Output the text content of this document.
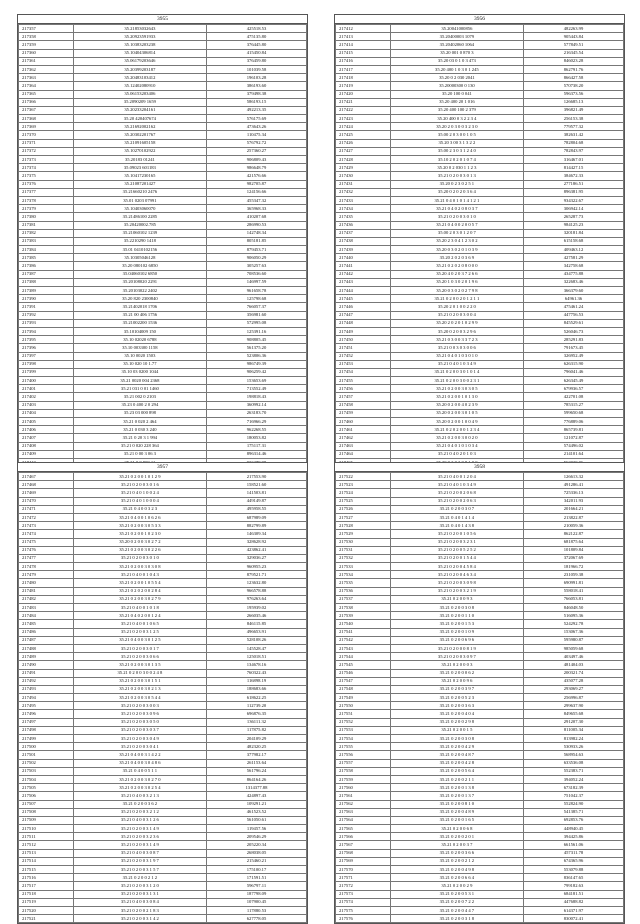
3955
217357	35.21853032643	425518.53
217358	35.20923591933	475135.80
217359	35.10383203238	376445.80
217360	35.10404306814	415450.84
217361	35.06179203646	376459.80
217362	35.20399203187	101039.58
217363	35.20483103412	196103.28
217364	35.12402080910	386193.60
217365	35.06153203406	379498.38
217366	35.2090209 1659	586193.15
217367	35.20233204161	492213.35
217368	35.20 420407674	576175.69
217369	35.21692002162	473643.26
217370	35.20302201767	110475.34
217371	35.21091605158	576792.72
217372	35.10270102922	257360.27
217373	35.20183 01241	906809.43
217374	35.09023 601183	986648.79
217375	35.10417230165	421576.66
217376	35.21087201427	982705.87
217377	35.21660210 2476	124156.66
217378	35.01 0203 07991	455347.32
217379	35.10403060070	365968.33
217380	35.21486100 2285	410207.68
217381	35.20420002.785	286990.53
217382	35.21060102 1239	142748.34
217383	35.2210290 1418	805181.85
217384	35.01 0410102156	879453.71
217385	35.10305046128	906050.29
217386	35.20 080102 6850	305257.63
217387	35.04060102 6850	708536.60
217388	35.20108020 2291	146997.59
217389	35.20103022 2402	961658.78
217390	35.20 820 2300840	125798.68
217391	35.21402018 1706	766057.37
217392	35.21 00 406 1756	356981.60
217393	35.21002200 1536	572995.08
217394	35.10104009 150	125391.16
217395	35.10 02020 6788	908805.45
217396	35.10 003300 1158	561375.20
217397	35.10 0020 1503	523806.36
217398	35.10 020 10 1.77	986749.39
217399	35.10 03 0200 1044	906259.42
217400	35.21 0020 004 2368	153653.69
217401	35.21 031 0 01 1460	713552.49
217402	35.21 002 0 2103	198818.43
217403	35.23 0 400 2 0 294	360992.14
217404	35.23 03 000 898	263183.70
217405	35.21 0 020 2 464	716966.29
217406	35.21 0 030 3 240	962268.55
217407	35.21 0 20 3 1 994	180053.82
217408	35.21 0 020 228 364	175117.31
217409	35.21 0 00 3 06 3	896314.46

3956
217412	35.20041000856	482263.99
217413	35.20400003 1079	905443.84
217414	35.20402060 1064	577849.51
217415	35.20 001 0 870 3	216345.54
217416	35.20 03 0 1 0 3 473	846023.28
217417	35.20 400 1 0 3 0 1 245	862791.76
217418	35.20 0 2 030 2041	866427.58
217419	35.20000300 0 130	570738.20
217420	35.20 100 0 041	596373.56
217421	35.20 400 20 1 016	126685.13
217422	35.20 400 100 2 379	396821.49
217423	35.20 400 0 3 2 2 3 4	256153.38
217424	35.20 2 0 3 0 0 3 2 3 0	779577.32
217425	35.00 2 0 3 0 0 1 0 5	382631.42
217426	35.20 3 00 3 1 3 2 2	782804.68
217427	35.00 2 3 0 3 1 2 4 0	782843.97
217428	35.10 2 0 2 0 1 0 7 4	316467.01
217429	35.20 0 2 030 1 1 2 3	814427.15
217430	35.21 0 2 0 0 3 0 1 3	384672.33
217431	35.20 0 2 3 0 2 5 1	277186.51
217432	35.20 0 2 0 2 0 3 6 4	896381.95
217433	35.21 0 4 0 1 0 1 4 1 2 1	934322.67
217434	35.21 0 4 0 2 0 8 0 3 7	306942.14
217435	35.21 0 2 0 0 3 0 1 0	265287.73
217436	35.21 0 4 0 0 2 0 0 5 7	984125.23
217437	35.00 2 0 3 0 1 2 0 7	320181.84
217438	35.20 2 3 0 4 1 2 3 0 2	615158.68
217439	35.20 0 3 0 2 0 1 0 3 9	409463.12
217440	35.20 2 0 2 0 3 6 9	427581.29
217441	35.21 0 2 0 2 0 8 0 0 0	342758.68
217442	35.20 4 0 2 0 3 7 2 6 6	434775.88
217443	35.20 1 0 3 0 2 0 1 9 6	322683.46
217444	35.20 0 3 0 2 0 2 7 9 8	366379.60
217445	35.21 0 2 0 0 2 0 1 2 1 1	64961.36
217446	35.20 2 0 1 0 0 2 2 0	475461.24
217447	35.21 0 2 0 0 3 0 0 4	447756.53
217448	35.20 2 0 2 0 1 0 2 9 9	845529.61
217449	35.20 0 2 0 0 3 2 9 6	526046.73
217450	35.21 0 3 0 0 3 3 7 2 3	285291.83
217451	35.21 0 0 3 0 3 0 0 6	791673.45
217452	35.21 0 4 0 1 0 3 0 1 0	326952.49
217453	35.21 0 4 0 1 0 3 4 9	626315.90
217454	35.21 0 2 0 0 3 0 1 0 1 4	796041.46
217455	35.21 0 2 0 0 3 0 0 2 3 1	626345.49
217456	35.21 0 2 0 0 3 0 3 0 5	679936.57
217457	35.21 0 2 0 0 1 0 1 3 0	422701.08
217458	35.20 0 2 0 0 4 0 2 3 9	785315.27
217459	35.20 0 2 0 0 3 0 1 0 5	599650.68
217460	35.20 0 2 0 0 1 0 0 4 9	776889.06
217461	35.21 0 2 0 2 0 0 1 2 3 4	865739.81
217462	35.21 0 2 0 0 3 0 0 2 0	121072.87
217463	35.21 0 4 0 1 0 1 0 3 4	574496.02
217464	35.21 0 4 0 2 0 1 0 3	214101.64

3957
217467	35.21 0 2 0 0 1 0 1 2 9	217553.90
217468	35.21 0 2 0 0 3 0 1 6	158521.60
217469	35.21 0 4 0 1 0 0 2 4	141503.81
217470	35.21 0 4 0 1 0 0 0 4	449149.87
217471	35.21 0 4 0 0 3 2 3	495958.55
217472	35.21 0 4 0 0 1 0 6 2 6	687989.09
217473	35.21 0 2 0 0 3 0 5 3 3	882799.89
217474	35.21 0 2 0 0 1 0 2 3 0	146309.34
217475	35.20 0 2 0 0 3 0 2 7 2	328628.92
217476	35.21 0 2 0 0 3 0 2 2 6	423862.41
217477	35.21 0 2 0 0 3 0 1 0	329036.27
217478	35.21 0 2 0 0 3 0 3 0 8	960955.23
217479	35.21 0 4 0 0 1 0 4 3	879521.71
217480	35.21 0 2 0 0 1 0 5 5 4	123632.80
217481	35.21 0 2 0 2 0 0 2 8 4	966578.88
217482	35.21 0 2 0 0 3 0 2 7 9	976263.64
217483	35.21 0 4 0 0 1 0 1 8	195939.02
217484	35.21 0 4 0 2 0 0 1 2 4	266035.46
217485	35.21 0 4 0 0 1 0 6 5	846115.85
217486	35.21 0 2 0 0 3 1 2 5	496653.91
217487	35.21 0 4 0 0 3 0 1 2 5	528108.26
217488	35.21 0 2 0 0 3 0 1 7	145528.47
217489	35.21 0 2 0 0 3 0 6 6	125018.51
217490	35.21 0 2 0 0 3 0 1 3 5	134678.16
217491	35.21 0 2 0 0 3 0 0 2 4 8	760322.43
217492	35.21 0 2 0 0 3 0 1 5 1	116898.19
217493	35.21 0 2 0 0 3 0 2 1 3	188683.66
217494	35.21 0 2 0 0 3 0 5 4 4	618622.25
217495	35.21 0 2 0 0 3 0 0 3	112739.20
217496	35.21 0 2 0 0 3 0 9 6	696876.35
217497	35.21 0 2 0 0 3 0 5 0	136111.32
217498	35.21 0 2 0 0 3 0 3 7	117875.82
217499	35.21 0 2 0 0 3 0 4 9	204109.29
217500	35.21 0 2 0 0 3 0 4 1	482320.25
217501	35.21 0 4 0 0 3 1 4 2 2	377982.17
217502	35.21 0 4 0 0 3 0 4 8 6	261153.64
217503	35.21 0 4 0 0 5 1 1	561796.24
217504	35.21 0 2 0 0 3 0 2 7 0	864164.26
217505	35.21 0 2 0 0 3 0 2 5 4	1314377.88
217506	35.21 0 4 0 0 3 2 1 3	424897.43
217507	35.21 0 2 0 0 3 6 2	109291.21
217508	35.21 0 2 0 0 3 2 1 2	461523.52
217509	35.21 0 4 0 0 3 1 2 6	561050.61
217510	35.21 0 2 0 0 3 1 4 9	119457.56
217511	35.21 0 2 0 0 3 2 3 6	209546.29
217512	35.21 0 2 0 0 3 1 4 9	205220.34
217513	35.21 0 4 0 0 3 0 8 7	268038.05
217514	35.21 0 2 0 0 3 1 9 7	215460.21
217515	35.21 0 2 0 0 3 1 5 7	175100.17
217516	35.21 0 2 0 0 2 1 2	171591.51
217517	35.21 0 2 0 0 3 1 2 0	596797.11
217518	35.21 0 2 0 0 3 1 3 1	187798.09
217519	35.21 0 4 0 0 3 0 8 4	107900.45
217520	35.21 0 2 0 0 2 1 8 3	117880.53
217521	35.21 0 2 0 0 3 1 4 2	627778.05
3958
217522	35.21 0 4 0 0 1 2 0 4	126613.32
217523	35.21 0 4 0 1 0 3 4 9	491286.41
217524	35.21 0 2 0 0 2 0 6 8	725336.13
217525	35.21 0 2 0 0 2 0 6 3	342011.93
217526	35.21 0 2 0 0 3 0 7	201664.21
217527	35.21 0 4 0 1 4 1 4	213822.87
217528	35.21 0 4 0 1 4 3 8	210059.36
217529	35.21 0 2 0 0 1 0 5 6	862122.87
217530	35.21 0 2 0 0 3 2 3 1	681875.64
217531	35.21 0 2 0 0 5 2 5 2	101809.84
217532	35.21 0 2 0 0 1 5 4 4	372067.69
217533	35.21 0 2 0 0 4 5 8 4	181966.72
217534	35.21 0 2 0 0 4 6 3 4	231059.38
217535	35.21 0 2 0 0 3 0 9 8	690991.81
217536	35.21 0 2 0 0 3 2 1 9	558018.41
217537	35.21 0 2 0 0 9 3	766053.81
217538	35.21 0 2 0 0 3 0 8	846048.50
217539	35.21 0 2 0 0 1 1 0	516095.36
217540	35.21 0 2 0 0 1 5 3	524292.78
217541	35.21 0 2 0 0 1 0 9	153067.36
217542	35.21 0 2 0 0 6 9 6	595980.87
217543	35.21 0 2 0 0 0 8 1 9	985059.68
217544	35.21 0 2 0 0 3 0 9 7	403497.46
217545	35.21 0 2 0 0 0 3	481404.03
217546	35.21 0 2 0 0 0 6 2	200321.74
217547	35.21 0 2 0 0 9 6	435077.28
217548	35.21 0 2 0 0 3 9 7	293069.27
217549	35.21 0 2 0 0 5 2 3	256996.87
217550	35.21 0 2 0 0 3 6 3	299637.90
217551	35.21 0 2 0 0 4 0 4	849655.68
217552	35.21 0 2 0 0 2 9 8	291207.30
217553	35.21 0 2 0 0 1 5	811005.34
217554	35.21 0 2 0 0 3 0 8	813982.24
217555	35.21 0 2 0 0 4 2 9	530933.26
217556	35.21 0 2 0 0 4 8 7	568954.63
217557	35.21 0 2 0 0 4 2 8	633536.08
217558	35.21 0 2 0 0 5 6 4	552383.71
217559	35.21 0 2 0 0 2 1 1	394052.24
217560	35.21 0 2 0 0 1 3 8	673182.39
217561	35.21 0 2 0 0 1 3 7	751042.37
217562	35.21 0 2 0 0 8 1 0	552824.90
217563	35.21 0 2 0 0 4 8 9	541385.71
217564	35.21 0 2 0 0 1 6 5	692853.76
217565	35.21 0 2 0 0 6 8	448940.45
217566	35.21 0 2 0 0 2 0 1	394425.86
217567	35.21 0 2 0 0 3 7	661561.06
217568	35.21 0 2 0 0 3 6 6	457311.78
217569	35.21 0 2 0 0 2 1 2	674365.96
217570	35.21 0 2 0 0 4 9 8	553079.88
217571	35.21 0 2 0 0 6 6 4	836147.65
217572	35.21 0 2 0 0 2 9	799182.63
217573	35.21 0 2 0 0 5 3 1	684181.51
217574	35.21 0 2 0 0 7 2 2	447688.82
217575	35.21 0 2 0 0 4 4 7	614371.97
217576	35.21 0 2 0 0 3 1 8	830072.41
